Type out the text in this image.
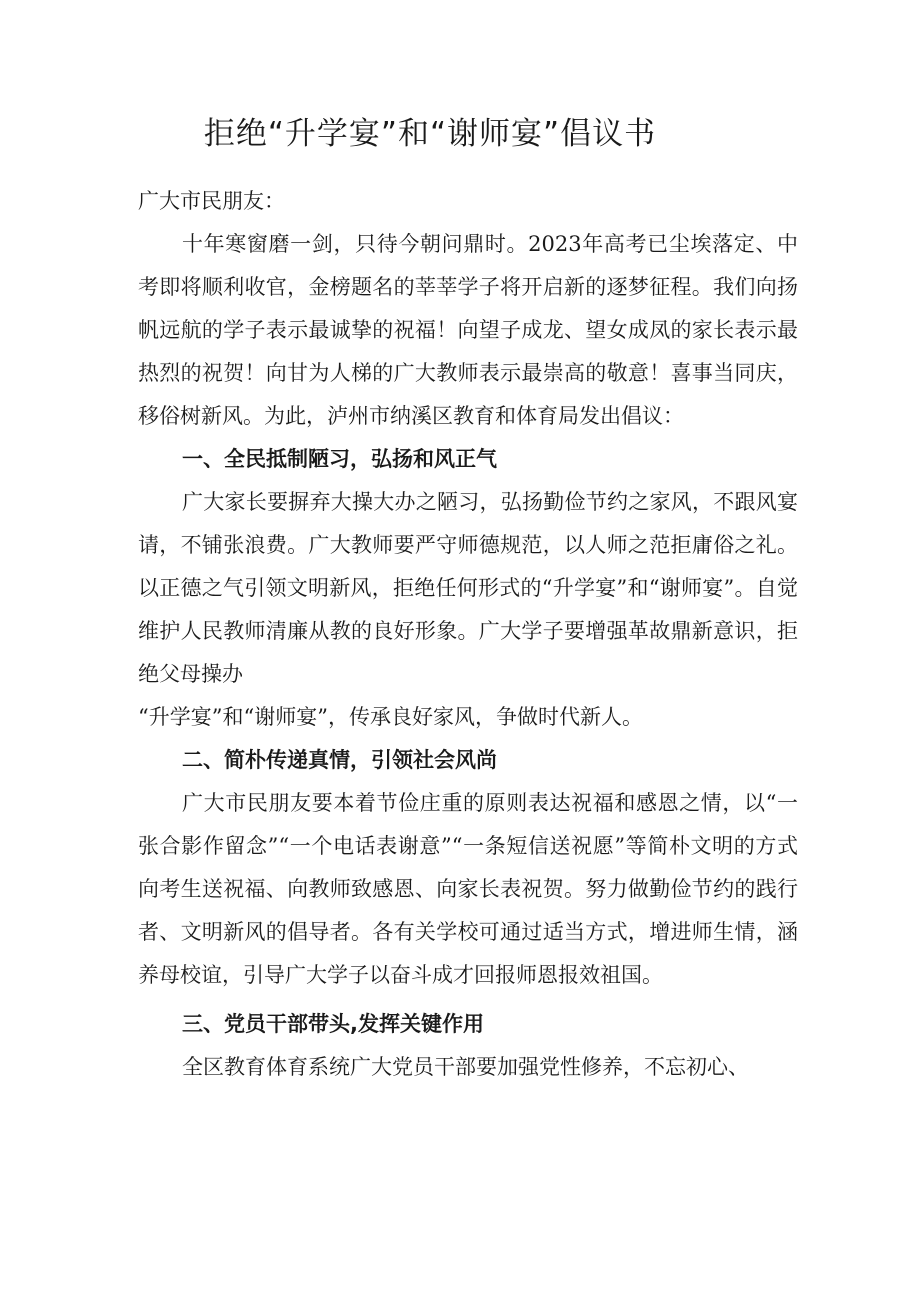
拒绝“升学宴”和“谢师宴”倡议书

广大市民朋友：

十年寒窗磨一剑，只待今朝问鼎时。2023年高考已尘埃落定、中考即将顺利收官，金榜题名的莘莘学子将开启新的逐梦征程。我们向扬帆远航的学子表示最诚挚的祝福！向望子成龙、望女成凤的家长表示最热烈的祝贺！向甘为人梯的广大教师表示最崇高的敬意！喜事当同庆，移俗树新风。为此，泸州市纳溪区教育和体育局发出倡议：

一、全民抵制陋习，弘扬和风正气

广大家长要摒弃大操大办之陋习，弘扬勤俭节约之家风，不跟风宴请，不铺张浪费。广大教师要严守师德规范，以人师之范拒庸俗之礼。以正德之气引领文明新风，拒绝任何形式的“升学宴”和“谢师宴”。自觉维护人民教师清廉从教的良好形象。广大学子要增强革故鼎新意识，拒绝父母操办

“升学宴”和“谢师宴”，传承良好家风，争做时代新人。

二、简朴传递真情，引领社会风尚

广大市民朋友要本着节俭庄重的原则表达祝福和感恩之情，以“一张合影作留念”“一个电话表谢意”“一条短信送祝愿”等简朴文明的方式向考生送祝福、向教师致感恩、向家长表祝贺。努力做勤俭节约的践行者、文明新风的倡导者。各有关学校可通过适当方式，增进师生情，涵养母校谊，引导广大学子以奋斗成才回报师恩报效祖国。

三、党员干部带头,发挥关键作用

全区教育体育系统广大党员干部要加强党性修养，不忘初心、
